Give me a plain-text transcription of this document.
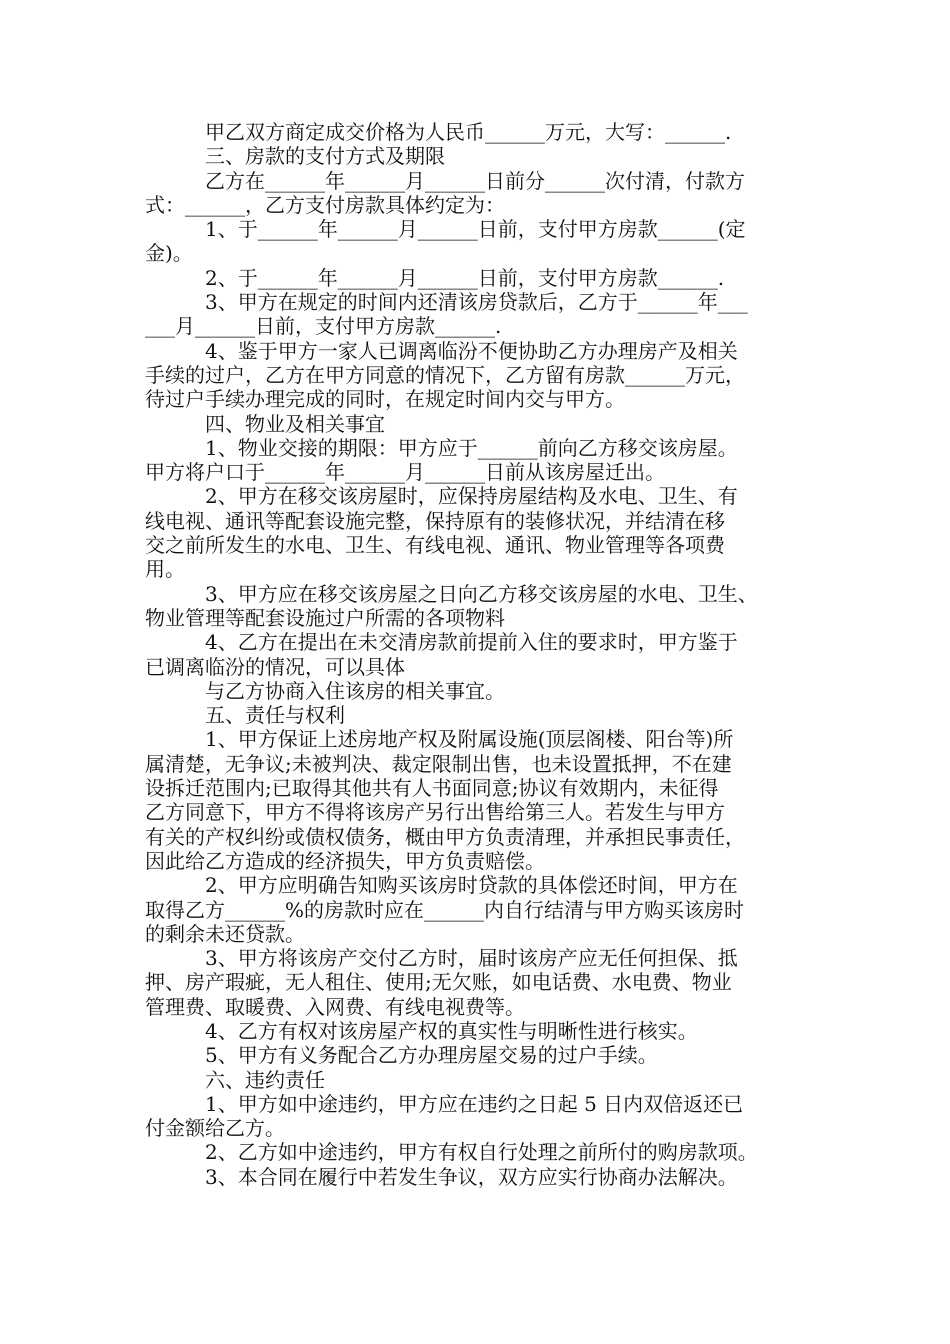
　　　甲乙双方商定成交价格为人民币______万元，大写：______.
　　　三、房款的支付方式及期限
　　　乙方在______年______月______日前分______次付清，付款方
式：______，乙方支付房款具体约定为：
　　　1、于______年______月______日前，支付甲方房款______(定
金)。
　　　2、于______年______月______日前，支付甲方房款______.
　　　3、甲方在规定的时间内还清该房贷款后，乙方于______年___
___月______日前，支付甲方房款______.
　　　4、鉴于甲方一家人已调离临汾不便协助乙方办理房产及相关
手续的过户，乙方在甲方同意的情况下，乙方留有房款______万元，
待过户手续办理完成的同时，在规定时间内交与甲方。
　　　四、物业及相关事宜
　　　1、物业交接的期限：甲方应于______前向乙方移交该房屋。
甲方将户口于______年______月______日前从该房屋迁出。
　　　2、甲方在移交该房屋时，应保持房屋结构及水电、卫生、有
线电视、通讯等配套设施完整，保持原有的装修状况，并结清在移
交之前所发生的水电、卫生、有线电视、通讯、物业管理等各项费
用。
　　　3、甲方应在移交该房屋之日向乙方移交该房屋的水电、卫生、
物业管理等配套设施过户所需的各项物料
　　　4、乙方在提出在未交清房款前提前入住的要求时，甲方鉴于
已调离临汾的情况，可以具体
　　　与乙方协商入住该房的相关事宜。
　　　五、责任与权利
　　　1、甲方保证上述房地产权及附属设施(顶层阁楼、阳台等)所
属清楚，无争议;未被判决、裁定限制出售，也未设置抵押，不在建
设拆迁范围内;已取得其他共有人书面同意;协议有效期内，未征得
乙方同意下，甲方不得将该房产另行出售给第三人。若发生与甲方
有关的产权纠纷或债权债务，概由甲方负责清理，并承担民事责任，
因此给乙方造成的经济损失，甲方负责赔偿。
　　　2、甲方应明确告知购买该房时贷款的具体偿还时间，甲方在
取得乙方______%的房款时应在______内自行结清与甲方购买该房时
的剩余未还贷款。
　　　3、甲方将该房产交付乙方时，届时该房产应无任何担保、抵
押、房产瑕疵，无人租住、使用;无欠账，如电话费、水电费、物业
管理费、取暖费、入网费、有线电视费等。
　　　4、乙方有权对该房屋产权的真实性与明晰性进行核实。
　　　5、甲方有义务配合乙方办理房屋交易的过户手续。
　　　六、违约责任
　　　1、甲方如中途违约，甲方应在违约之日起 5 日内双倍返还已
付金额给乙方。
　　　2、乙方如中途违约，甲方有权自行处理之前所付的购房款项。
　　　3、本合同在履行中若发生争议，双方应实行协商办法解决。
